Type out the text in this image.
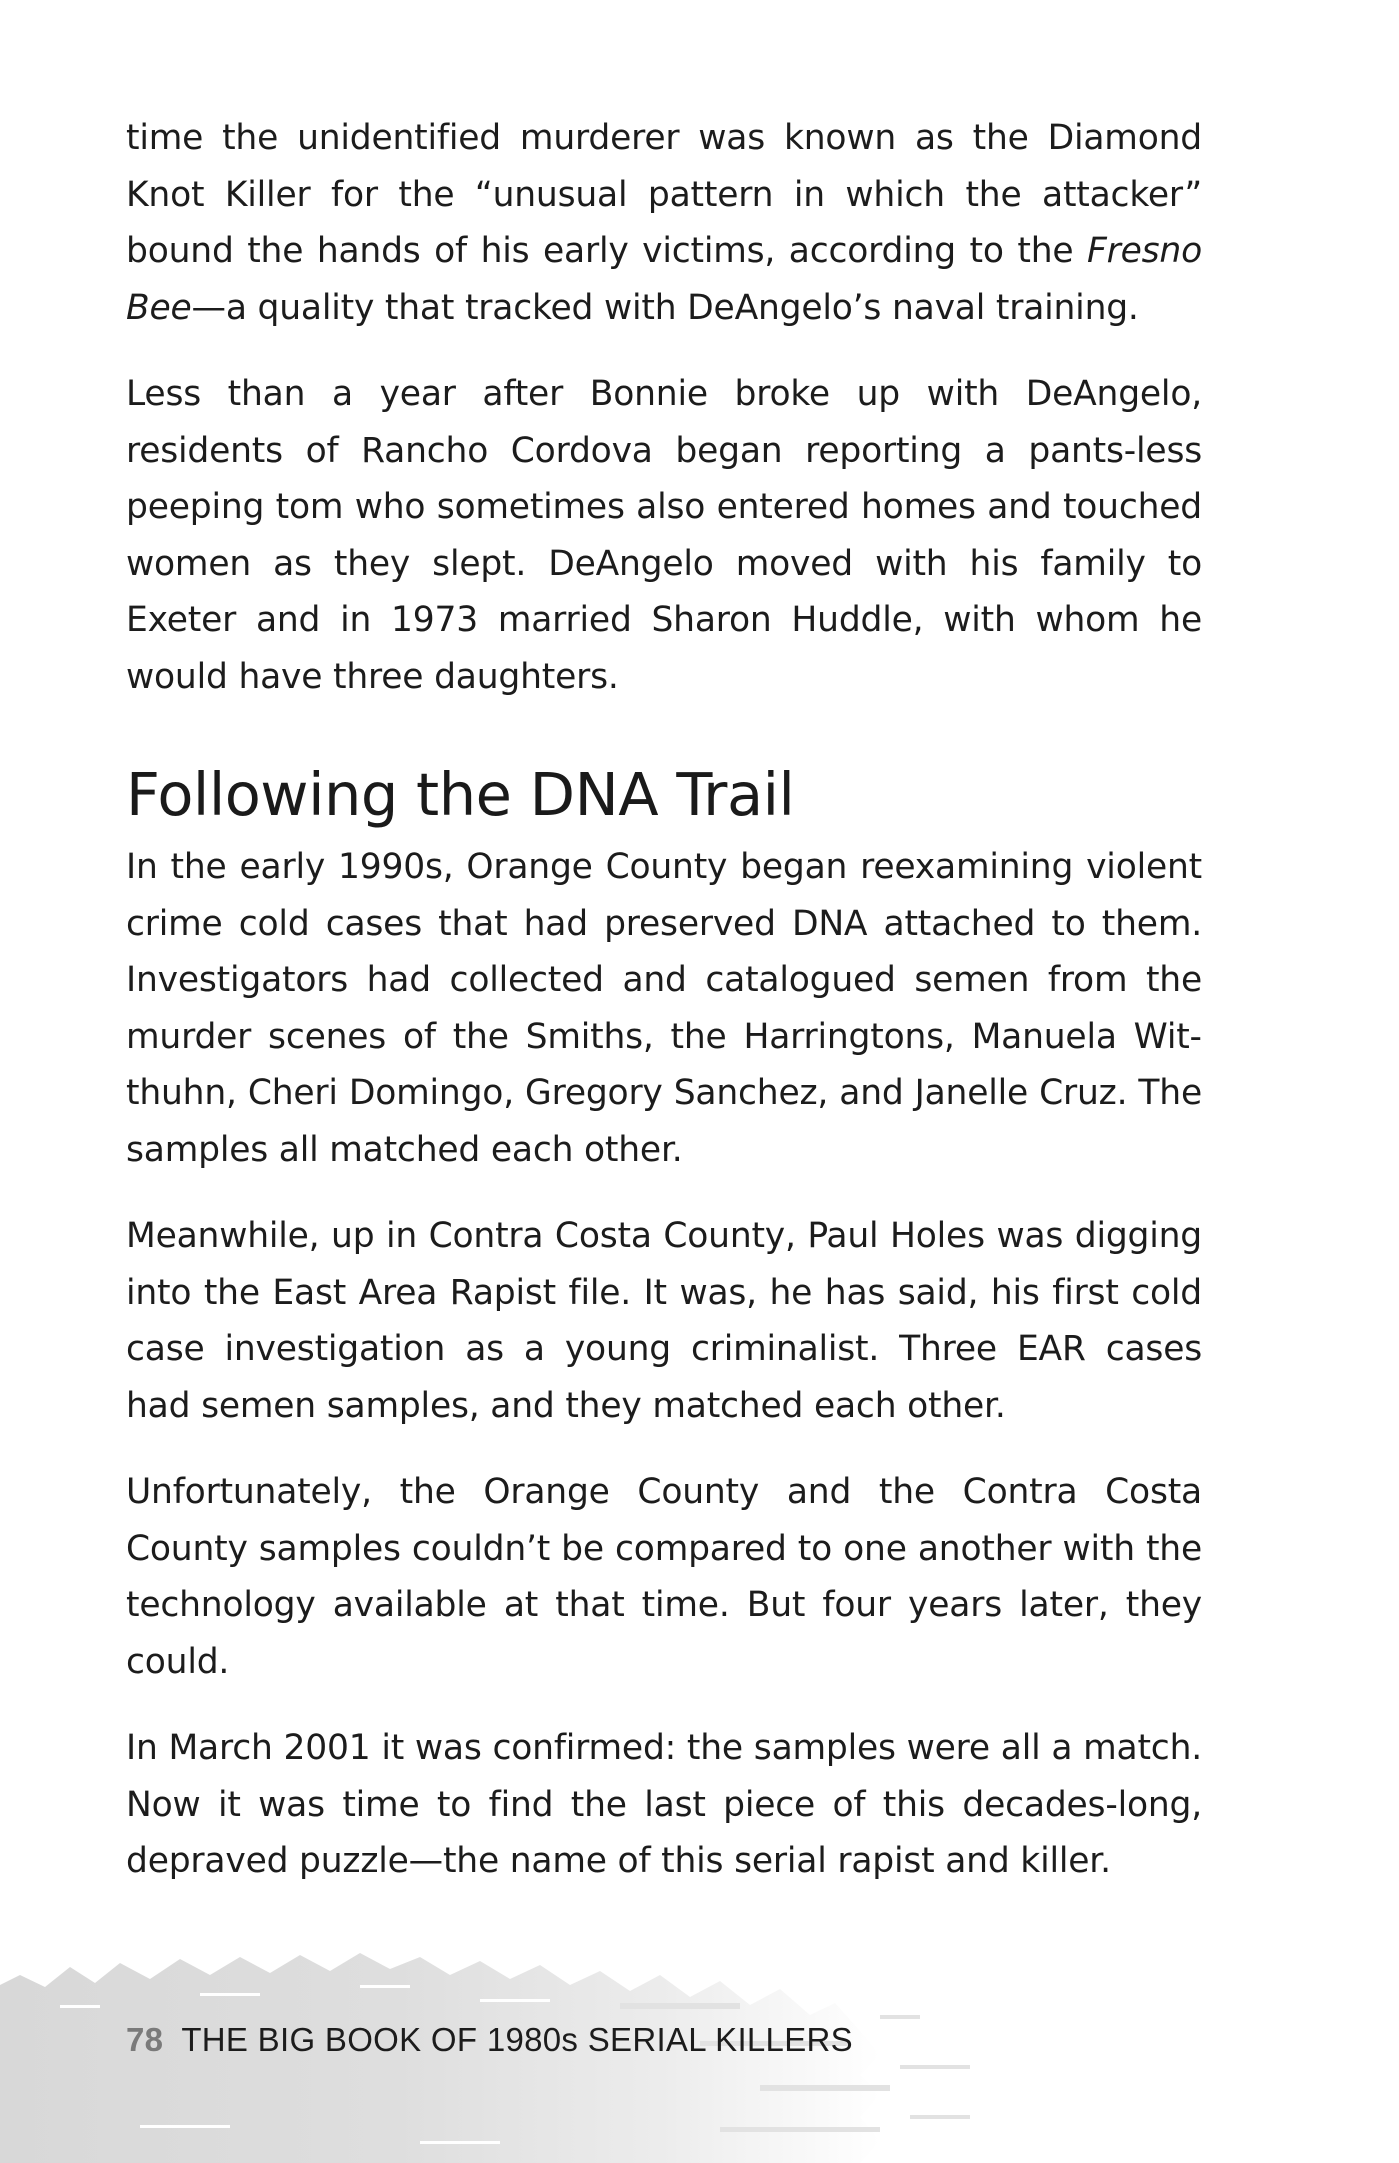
time the unidentified murderer was known as the Diamond Knot Killer for the “unusual pattern in which the attacker” bound the hands of his early victims, according to the Fresno Bee—a quality that tracked with DeAngelo’s naval training.

Less than a year after Bonnie broke up with DeAngelo, residents of Rancho Cordova began reporting a pants-less peeping tom who sometimes also entered homes and touched women as they slept. DeAngelo moved with his family to Exeter and in 1973 married Sharon Huddle, with whom he would have three daughters.

Following the DNA Trail

In the early 1990s, Orange County began reexamining violent crime cold cases that had preserved DNA attached to them. Investigators had collected and catalogued semen from the murder scenes of the Smiths, the Harringtons, Manuela Witthuhn, Cheri Domingo, Gregory Sanchez, and Janelle Cruz. The samples all matched each other.

Meanwhile, up in Contra Costa County, Paul Holes was digging into the East Area Rapist file. It was, he has said, his first cold case investigation as a young criminalist. Three EAR cases had semen samples, and they matched each other.

Unfortunately, the Orange County and the Contra Costa County samples couldn’t be compared to one another with the technology available at that time. But four years later, they could.

In March 2001 it was confirmed: the samples were all a match. Now it was time to find the last piece of this decades-long, depraved puzzle—the name of this serial rapist and killer.

78 THE BIG BOOK OF 1980s SERIAL KILLERS
